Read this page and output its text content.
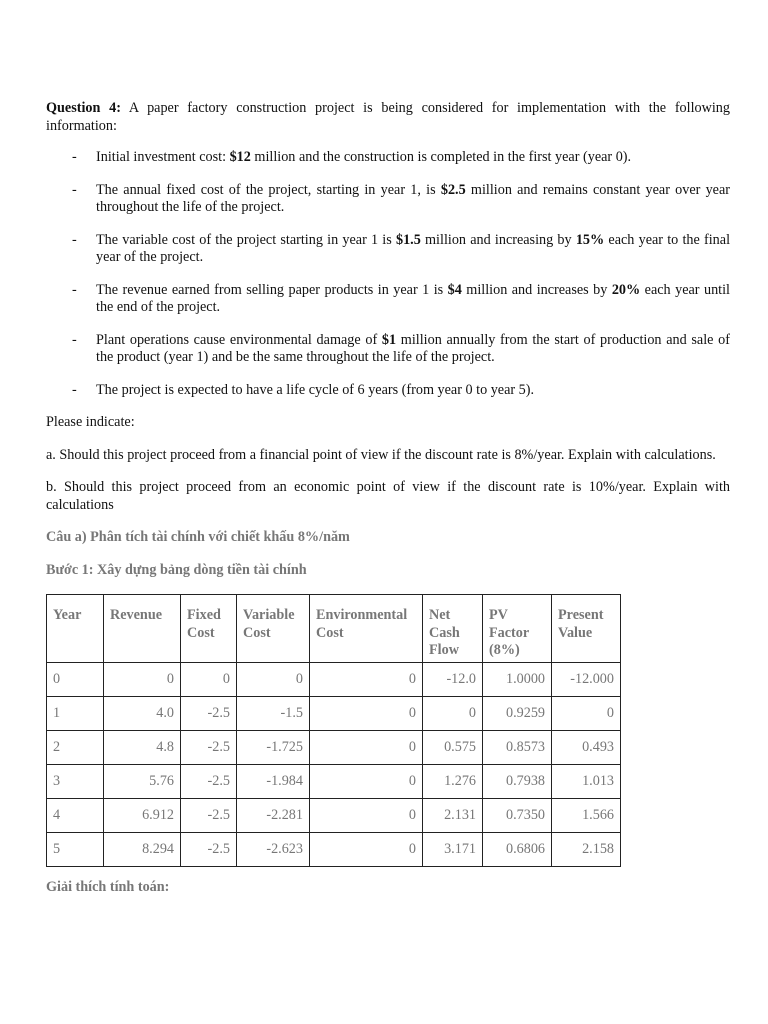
Question 4: A paper factory construction project is being considered for implementation with the following information:

- Initial investment cost: $12 million and the construction is completed in the first year (year 0).
- The annual fixed cost of the project, starting in year 1, is $2.5 million and remains constant year over year throughout the life of the project.
- The variable cost of the project starting in year 1 is $1.5 million and increasing by 15% each year to the final year of the project.
- The revenue earned from selling paper products in year 1 is $4 million and increases by 20% each year until the end of the project.
- Plant operations cause environmental damage of $1 million annually from the start of production and sale of the product (year 1) and be the same throughout the life of the project.
- The project is expected to have a life cycle of 6 years (from year 0 to year 5).

Please indicate:

a. Should this project proceed from a financial point of view if the discount rate is 8%/year. Explain with calculations.

b. Should this project proceed from an economic point of view if the discount rate is 10%/year. Explain with calculations

Câu a) Phân tích tài chính với chiết khấu 8%/năm

Bước 1: Xây dựng bảng dòng tiền tài chính

Year	Revenue	Fixed Cost	Variable Cost	Environmental Cost	Net Cash Flow	PV Factor (8%)	Present Value
0	0	0	0	0	-12.0	1.0000	-12.000
1	4.0	-2.5	-1.5	0	0	0.9259	0
2	4.8	-2.5	-1.725	0	0.575	0.8573	0.493
3	5.76	-2.5	-1.984	0	1.276	0.7938	1.013
4	6.912	-2.5	-2.281	0	2.131	0.7350	1.566
5	8.294	-2.5	-2.623	0	3.171	0.6806	2.158

Giải thích tính toán:
